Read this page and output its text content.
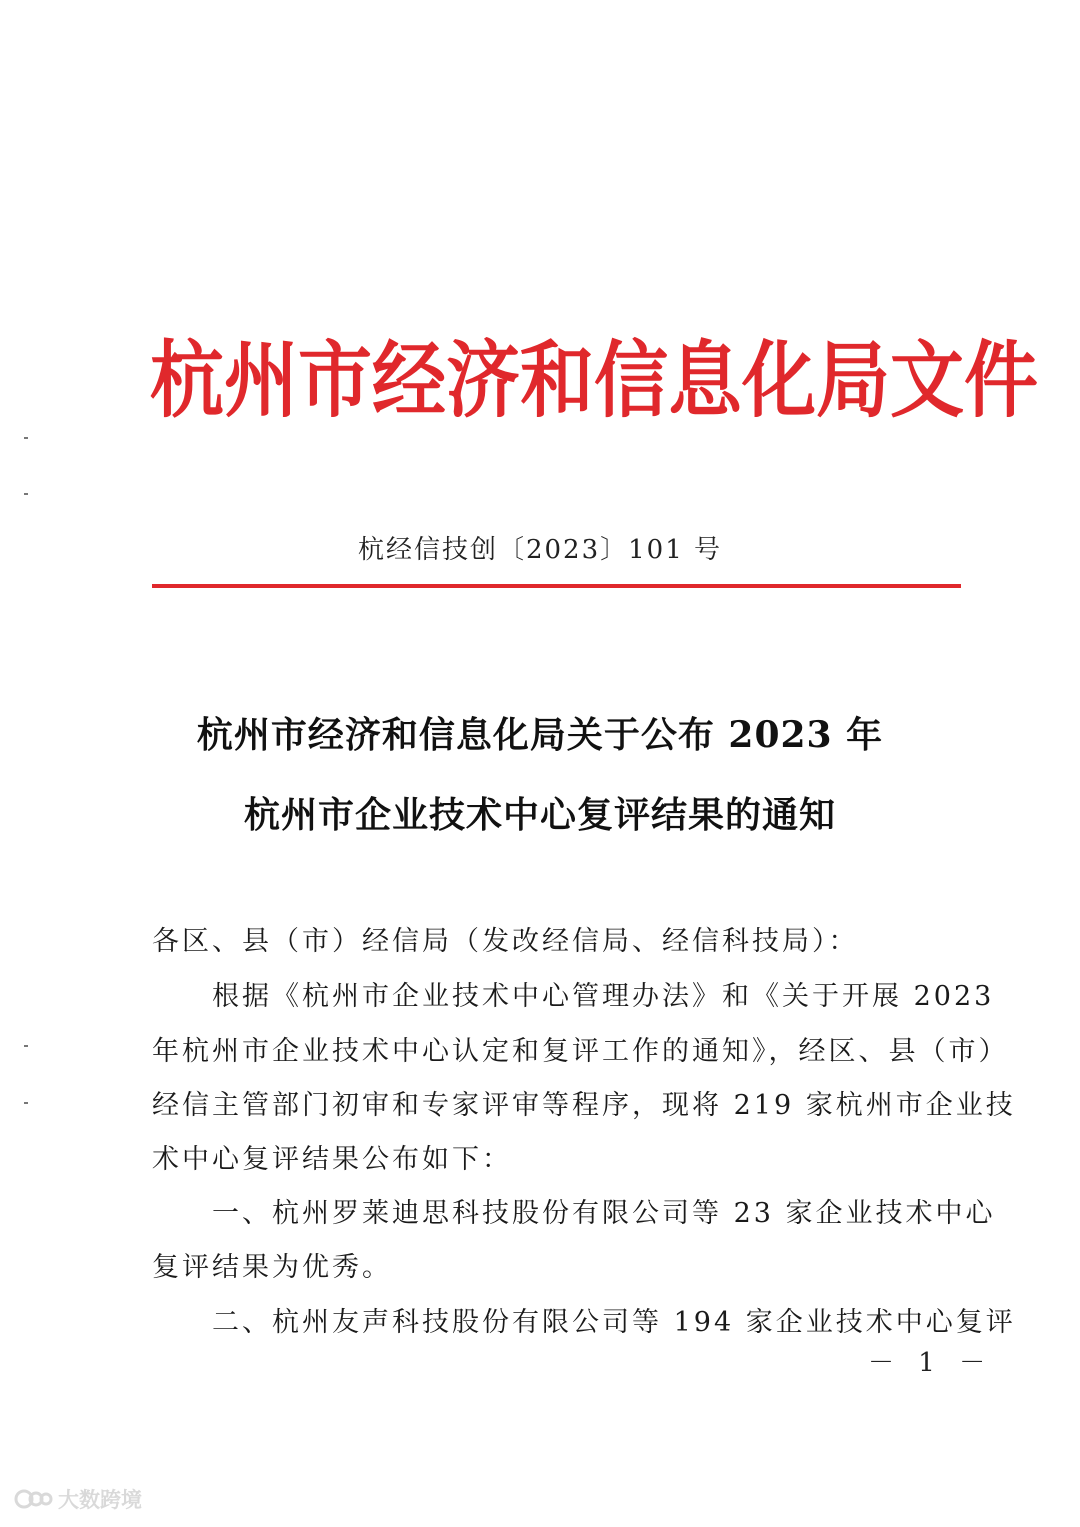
杭 州 市 经 济 和 信 息 化 局 文 件
杭经信技创〔2023〕101 号
杭州市经济和信息化局关于公布 2023 年
杭州市企业技术中心复评结果的通知
各区、县（市）经信局（发改经信局、经信科技局）：
　　根据《杭州市企业技术中心管理办法》和《关于开展 2023
年杭州市企业技术中心认定和复评工作的通知》，经区、县（市）
经信主管部门初审和专家评审等程序，现将 219 家杭州市企业技
术中心复评结果公布如下：
　　一、杭州罗莱迪思科技股份有限公司等 23 家企业技术中心
复评结果为优秀。
　　二、杭州友声科技股份有限公司等 194 家企业技术中心复评
－ 1 －
大数跨境
